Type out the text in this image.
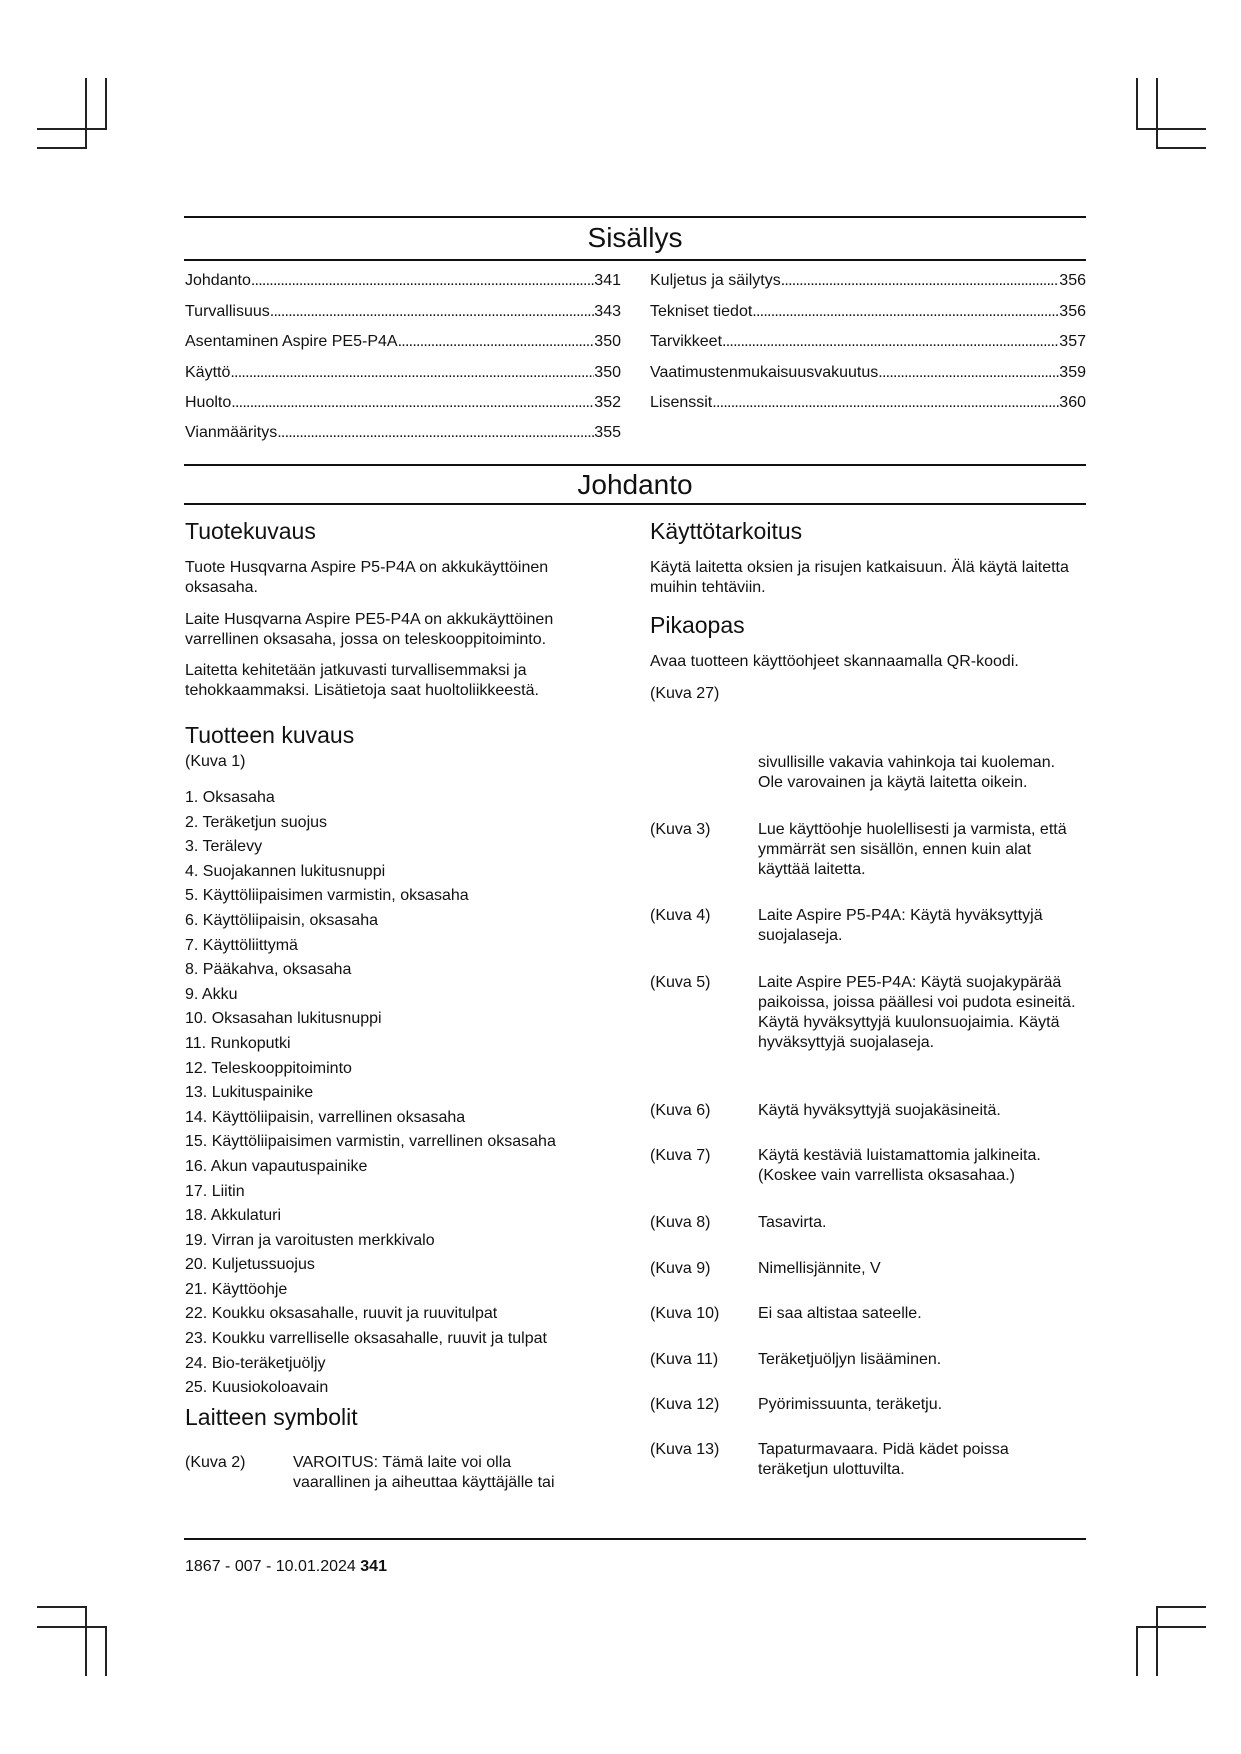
Sisällys
Johdanto . . .	341
Turvallisuus . . .	343
Asentaminen Aspire PE5-P4A . . .	350
Käyttö . . .	350
Huolto . . .	352
Vianmääritys . . .	355
Kuljetus ja säilytys . . .	356
Tekniset tiedot . . .	356
Tarvikkeet . . .	357
Vaatimustenmukaisuusvakuutus . . .	359
Lisenssit . . .	360
Johdanto
Tuotekuvaus
Tuote Husqvarna Aspire P5-P4A on akkukäyttöinen oksasaha.
Laite Husqvarna Aspire PE5-P4A on akkukäyttöinen varrellinen oksasaha, jossa on teleskooppitoiminto.
Laitetta kehitetään jatkuvasti turvallisemmaksi ja tehokkaammaksi. Lisätietoja saat huoltoliikkeestä.
Tuotteen kuvaus
(Kuva 1)
1. Oksasaha
2. Teräketjun suojus
3. Terälevy
4. Suojakannen lukitusnuppi
5. Käyttöliipaisimen varmistin, oksasaha
6. Käyttöliipaisin, oksasaha
7. Käyttöliittymä
8. Pääkahva, oksasaha
9. Akku
10. Oksasahan lukitusnuppi
11. Runkoputki
12. Teleskooppitoiminto
13. Lukituspainike
14. Käyttöliipaisin, varrellinen oksasaha
15. Käyttöliipaisimen varmistin, varrellinen oksasaha
16. Akun vapautuspainike
17. Liitin
18. Akkulaturi
19. Virran ja varoitusten merkkivalo
20. Kuljetussuojus
21. Käyttöohje
22. Koukku oksasahalle, ruuvit ja ruuvitulpat
23. Koukku varrelliselle oksasahalle, ruuvit ja tulpat
24. Bio-teräketjuöljy
25. Kuusiokoloavain
Laitteen symbolit
(Kuva 2)	VAROITUS: Tämä laite voi olla vaarallinen ja aiheuttaa käyttäjälle tai
Käyttötarkoitus
Käytä laitetta oksien ja risujen katkaisuun. Älä käytä laitetta muihin tehtäviin.
Pikaopas
Avaa tuotteen käyttöohjeet skannaamalla QR-koodi.
(Kuva 27)
sivullisille vakavia vahinkoja tai kuoleman. Ole varovainen ja käytä laitetta oikein.
(Kuva 3)	Lue käyttöohje huolellisesti ja varmista, että ymmärrät sen sisällön, ennen kuin alat käyttää laitetta.
(Kuva 4)	Laite Aspire P5-P4A: Käytä hyväksyttyjä suojalaseja.
(Kuva 5)	Laite Aspire PE5-P4A: Käytä suojakypärää paikoissa, joissa päällesi voi pudota esineitä. Käytä hyväksyttyjä kuulonsuojaimia. Käytä hyväksyttyjä suojalaseja.
(Kuva 6)	Käytä hyväksyttyjä suojakäsineitä.
(Kuva 7)	Käytä kestäviä luistamattomia jalkineita. (Koskee vain varrellista oksasahaa.)
(Kuva 8)	Tasavirta.
(Kuva 9)	Nimellisjännite, V
(Kuva 10) Ei saa altistaa sateelle.
(Kuva 11) Teräketjuöljyn lisääminen.
(Kuva 12) Pyörimissuunta, teräketju.
(Kuva 13) Tapaturmavaara. Pidä kädet poissa teräketjun ulottuvilta.
1867 - 007 - 10.01.2024 341
